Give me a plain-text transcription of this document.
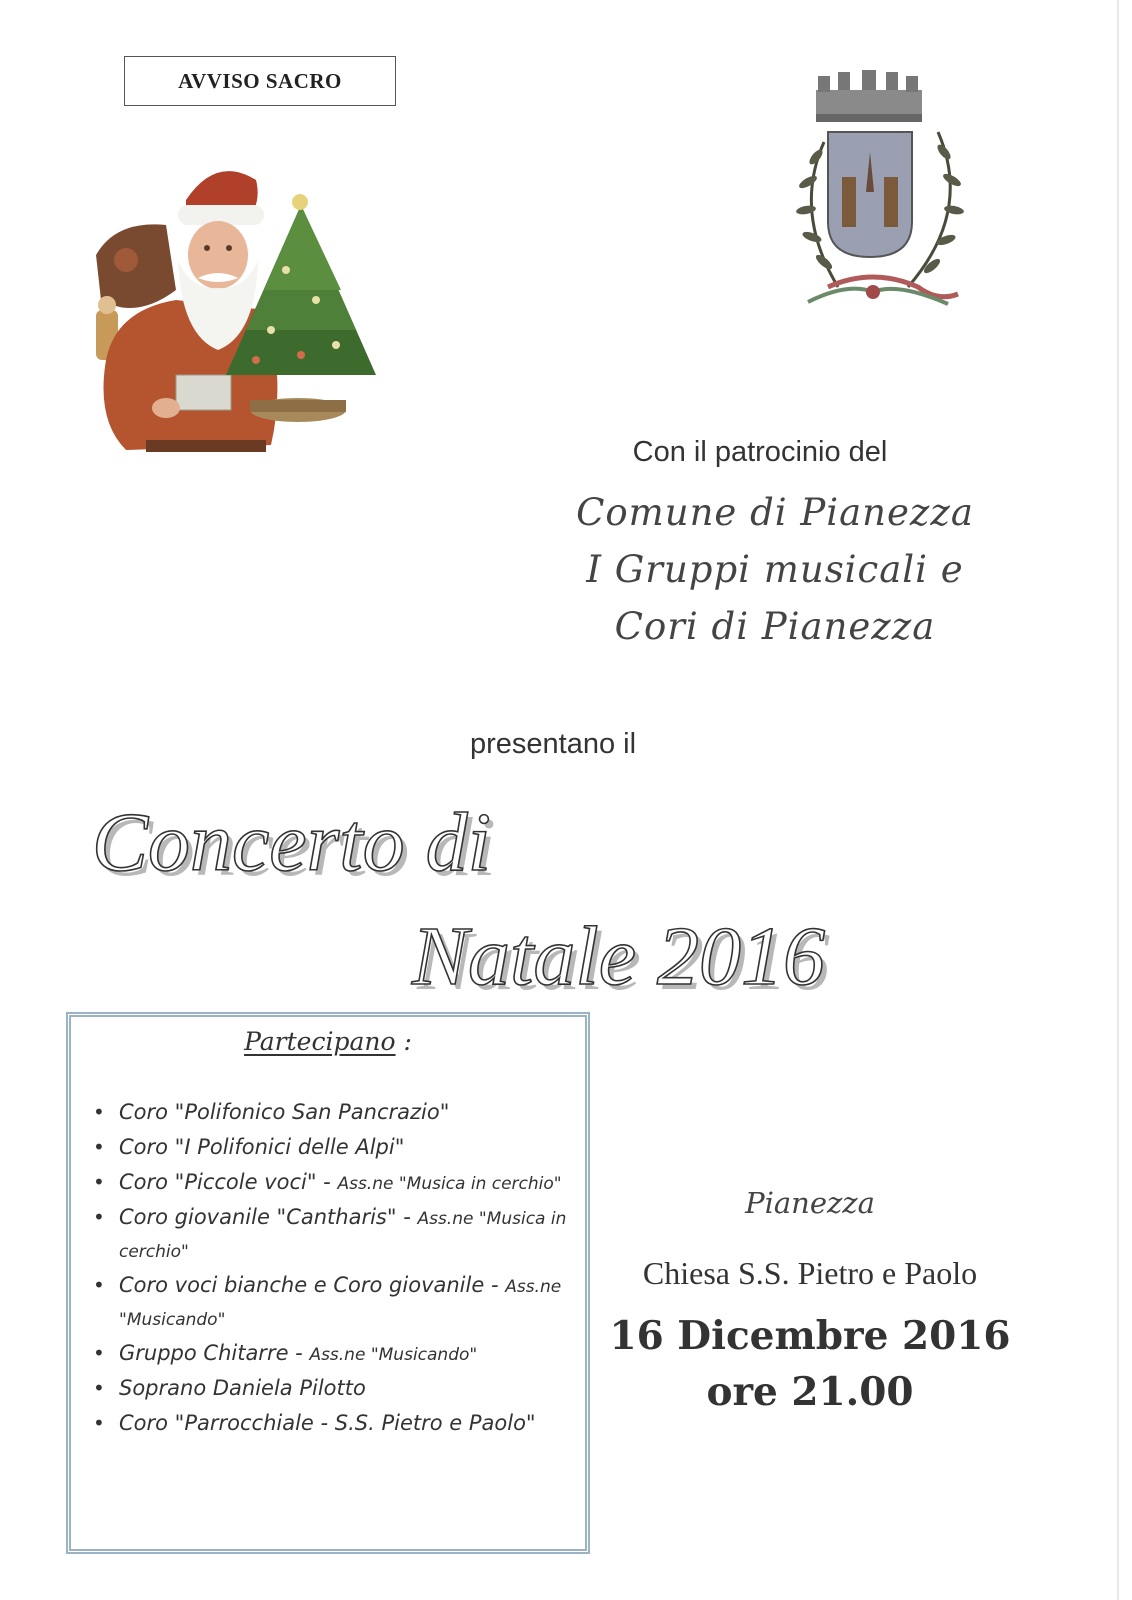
AVVISO SACRO
Con il patrocinio del
Comune di Pianezza
I Gruppi musicali e
Cori di Pianezza
presentano il
Concerto di
Natale 2016
Partecipano :
• Coro "Polifonico San Pancrazio"
• Coro "I Polifonici delle Alpi"
• Coro "Piccole voci" - Ass.ne "Musica in cerchio"
• Coro giovanile "Cantharis" - Ass.ne "Musica in cerchio"
• Coro voci bianche e Coro giovanile - Ass.ne "Musicando"
• Gruppo Chitarre - Ass.ne "Musicando"
• Soprano Daniela Pilotto
• Coro "Parrocchiale - S.S. Pietro e Paolo"
Pianezza
Chiesa S.S. Pietro e Paolo
16 Dicembre 2016
ore 21.00
